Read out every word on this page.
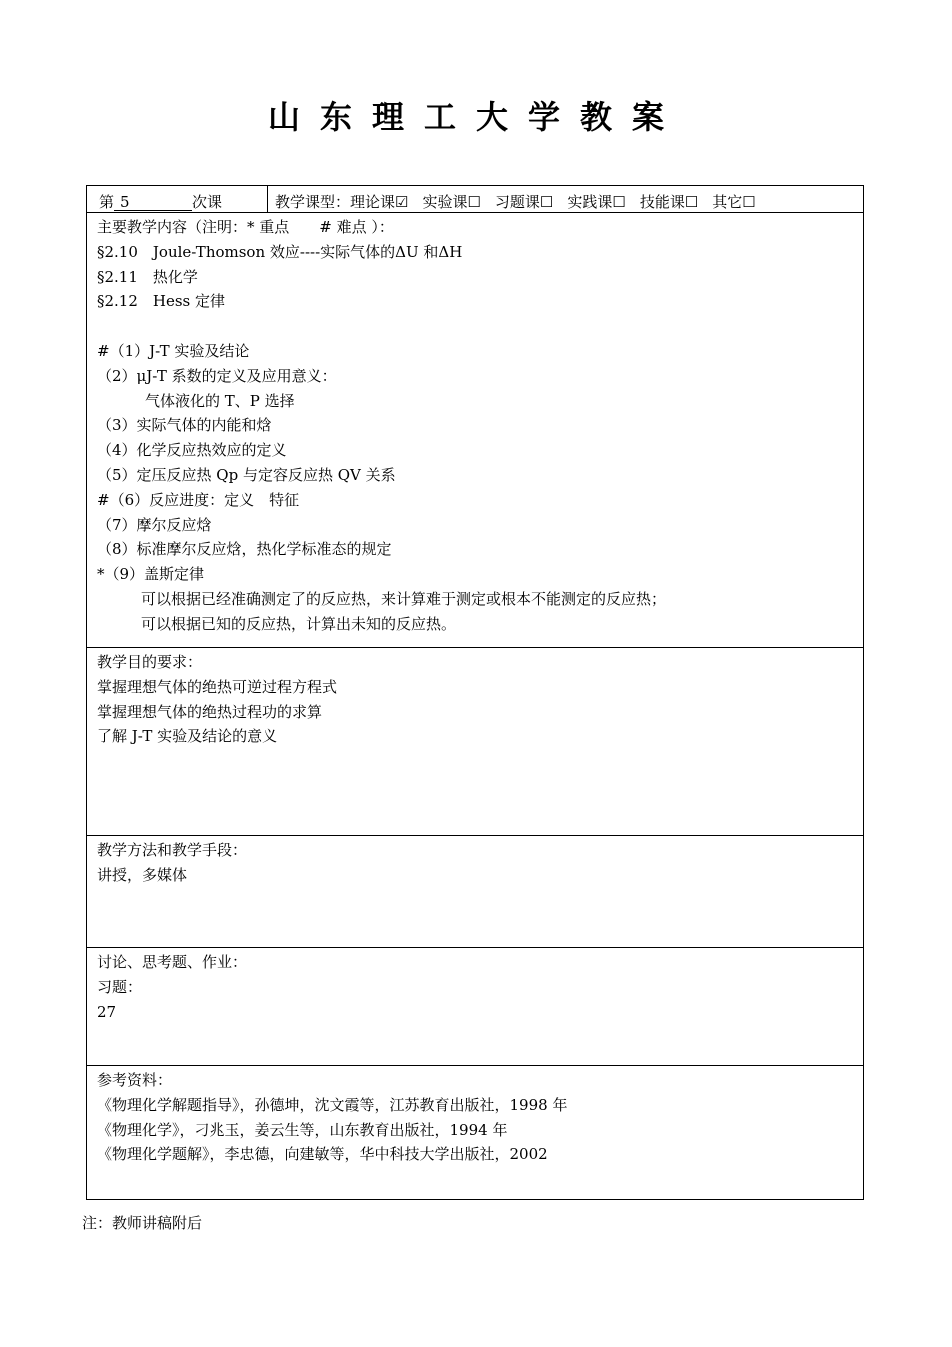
山东理工大学教案
第 5	次课	教学课型：理论课☑ 实验课☐ 习题课☐ 实践课☐ 技能课☐ 其它☐
主要教学内容（注明：* 重点　　# 难点 ）：
§2.10　Joule-Thomson 效应----实际气体的ΔU 和ΔH
§2.11　热化学
§2.12　Hess 定律

#（1）J-T 实验及结论
（2）μJ-T 系数的定义及应用意义：
气体液化的 T、P 选择
（3）实际气体的内能和焓
（4）化学反应热效应的定义
（5）定压反应热 Qp 与定容反应热 QV 关系
#（6）反应进度：定义　特征
（7）摩尔反应焓
（8）标准摩尔反应焓，热化学标准态的规定
*（9）盖斯定律
可以根据已经准确测定了的反应热，来计算难于测定或根本不能测定的反应热；
可以根据已知的反应热，计算出未知的反应热。
教学目的要求：
掌握理想气体的绝热可逆过程方程式
掌握理想气体的绝热过程功的求算
了解 J-T 实验及结论的意义
教学方法和教学手段：
讲授，多媒体
讨论、思考题、作业：
习题：
27
参考资料：
《物理化学解题指导》，孙德坤，沈文霞等，江苏教育出版社，1998 年
《物理化学》，刁兆玉，姜云生等，山东教育出版社，1994 年
《物理化学题解》，李忠德，向建敏等，华中科技大学出版社，2002
注：教师讲稿附后
